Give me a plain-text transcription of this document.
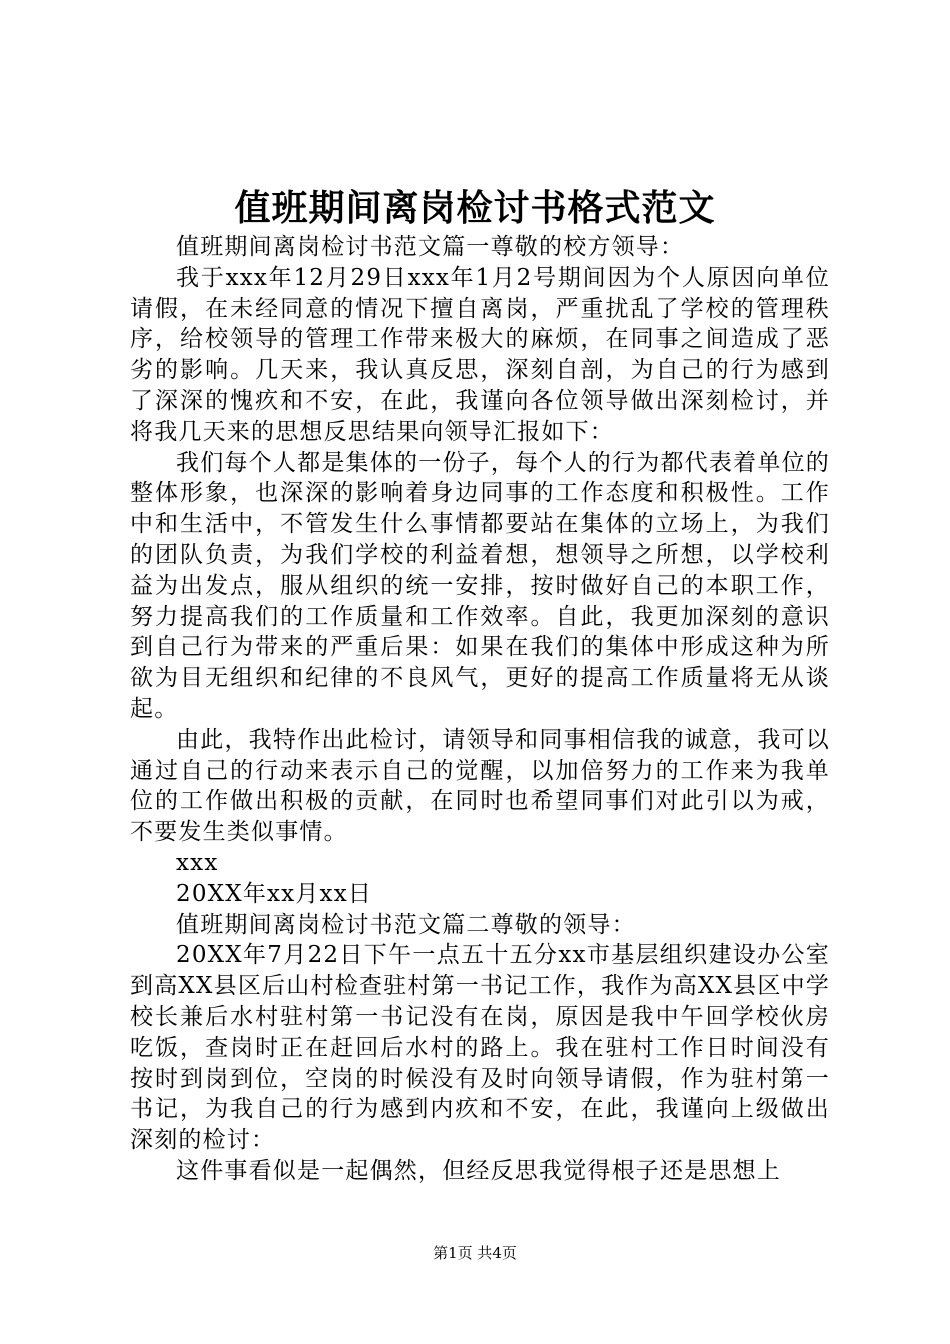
值班期间离岗检讨书格式范文

值班期间离岗检讨书范文篇一尊敬的校方领导：

我于xxx年12月29日xxx年1月2号期间因为个人原因向单位请假，在未经同意的情况下擅自离岗，严重扰乱了学校的管理秩序，给校领导的管理工作带来极大的麻烦，在同事之间造成了恶劣的影响。几天来，我认真反思，深刻自剖，为自己的行为感到了深深的愧疚和不安，在此，我谨向各位领导做出深刻检讨，并将我几天来的思想反思结果向领导汇报如下：

我们每个人都是集体的一份子，每个人的行为都代表着单位的整体形象，也深深的影响着身边同事的工作态度和积极性。工作中和生活中，不管发生什么事情都要站在集体的立场上，为我们的团队负责，为我们学校的利益着想，想领导之所想，以学校利益为出发点，服从组织的统一安排，按时做好自己的本职工作，努力提高我们的工作质量和工作效率。自此，我更加深刻的意识到自己行为带来的严重后果：如果在我们的集体中形成这种为所欲为目无组织和纪律的不良风气，更好的提高工作质量将无从谈起。

由此，我特作出此检讨，请领导和同事相信我的诚意，我可以通过自己的行动来表示自己的觉醒，以加倍努力的工作来为我单位的工作做出积极的贡献，在同时也希望同事们对此引以为戒，不要发生类似事情。

xxx

20XX年xx月xx日

值班期间离岗检讨书范文篇二尊敬的领导：

20XX年7月22日下午一点五十五分xx市基层组织建设办公室到高XX县区后山村检查驻村第一书记工作，我作为高XX县区中学校长兼后水村驻村第一书记没有在岗，原因是我中午回学校伙房吃饭，查岗时正在赶回后水村的路上。我在驻村工作日时间没有按时到岗到位，空岗的时候没有及时向领导请假，作为驻村第一书记，为我自己的行为感到内疚和不安，在此，我谨向上级做出深刻的检讨：

这件事看似是一起偶然，但经反思我觉得根子还是思想上

第1页 共4页
